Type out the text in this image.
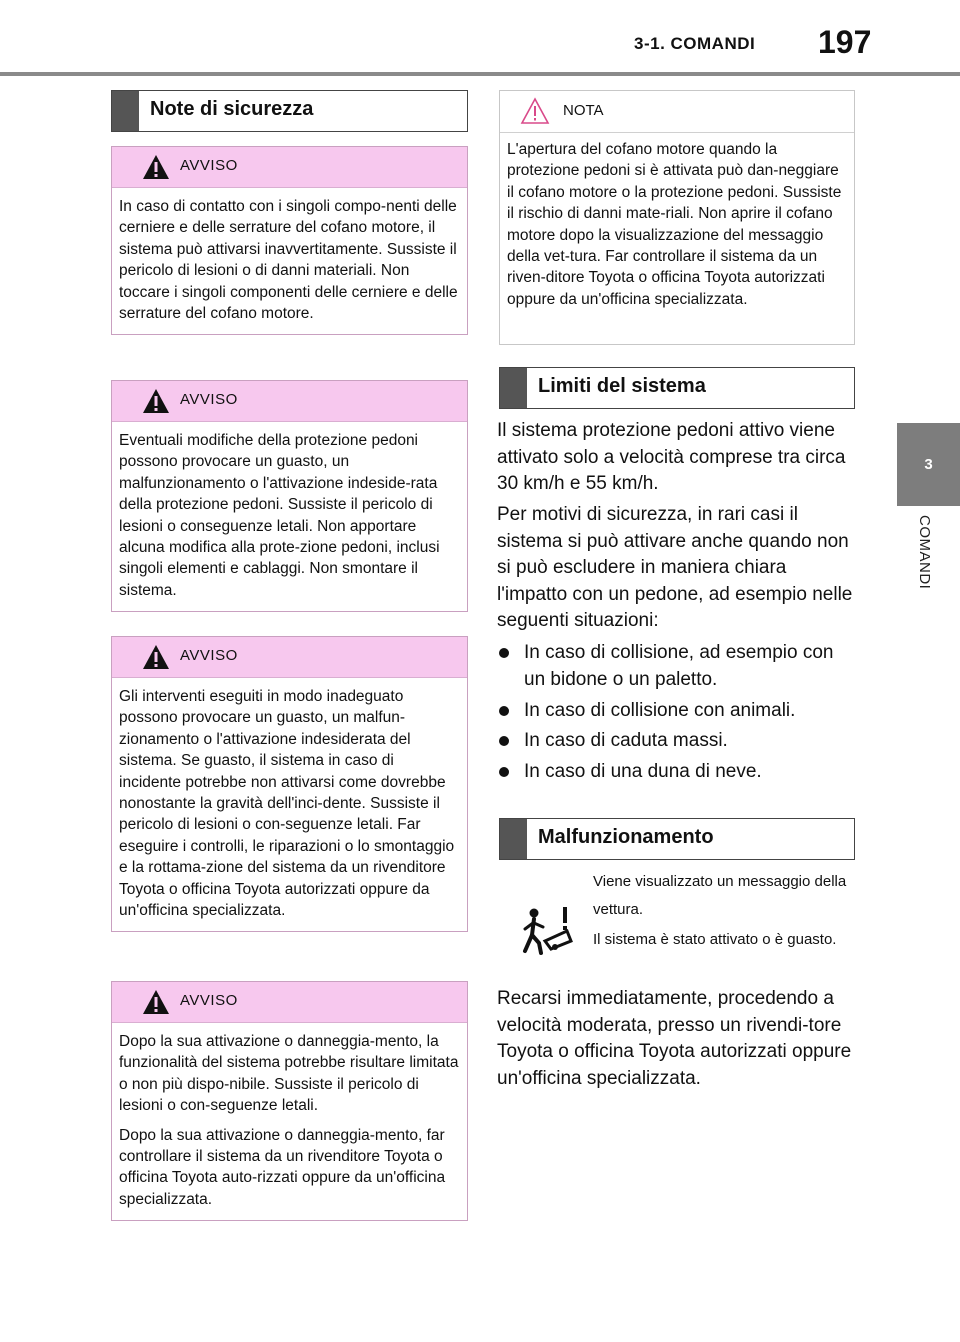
3-1. COMANDI 197
3
COMANDI
Note di sicurezza
AVVISO

In caso di contatto con i singoli compo-nenti delle cerniere e delle serrature del cofano motore, il sistema può attivarsi inavvertitamente. Sussiste il pericolo di lesioni o di danni materiali. Non toccare i singoli componenti delle cerniere e delle serrature del cofano motore.

AVVISO

Eventuali modifiche della protezione pedoni possono provocare un guasto, un malfunzionamento o l'attivazione indeside-rata della protezione pedoni. Sussiste il pericolo di lesioni o conseguenze letali. Non apportare alcuna modifica alla prote-zione pedoni, inclusi singoli elementi e cablaggi. Non smontare il sistema.

AVVISO

Gli interventi eseguiti in modo inadeguato possono provocare un guasto, un malfun-zionamento o l'attivazione indesiderata del sistema. Se guasto, il sistema in caso di incidente potrebbe non attivarsi come dovrebbe nonostante la gravità dell'inci-dente. Sussiste il pericolo di lesioni o con-seguenze letali. Far eseguire i controlli, le riparazioni o lo smontaggio e la rottama-zione del sistema da un rivenditore Toyota o officina Toyota autorizzati oppure da un'officina specializzata.

AVVISO

Dopo la sua attivazione o danneggia-mento, la funzionalità del sistema potrebbe risultare limitata o non più dispo-nibile. Sussiste il pericolo di lesioni o con-seguenze letali.

Dopo la sua attivazione o danneggia-mento, far controllare il sistema da un rivenditore Toyota o officina Toyota auto-rizzati oppure da un'officina specializzata.

NOTA
L'apertura del cofano motore quando la protezione pedoni si è attivata può dan-neggiare il cofano motore o la protezione pedoni. Sussiste il rischio di danni mate-riali. Non aprire il cofano motore dopo la visualizzazione del messaggio della vet-tura. Far controllare il sistema da un riven-ditore Toyota o officina Toyota autorizzati oppure da un'officina specializzata.
Limiti del sistema

Il sistema protezione pedoni attivo viene attivato solo a velocità comprese tra circa 30 km/h e 55 km/h.

Per motivi di sicurezza, in rari casi il sistema si può attivare anche quando non si può escludere in maniera chiara l'impatto con un pedone, ad esempio nelle seguenti situazioni:

In caso di collisione, ad esempio con un bidone o un paletto.
In caso di collisione con animali.
In caso di caduta massi.
In caso di una duna di neve.
Malfunzionamento

Viene visualizzato un messaggio della vettura.

Il sistema è stato attivato o è guasto.

Recarsi immediatamente, procedendo a velocità moderata, presso un rivendi-tore Toyota o officina Toyota autorizzati oppure un'officina specializzata.
